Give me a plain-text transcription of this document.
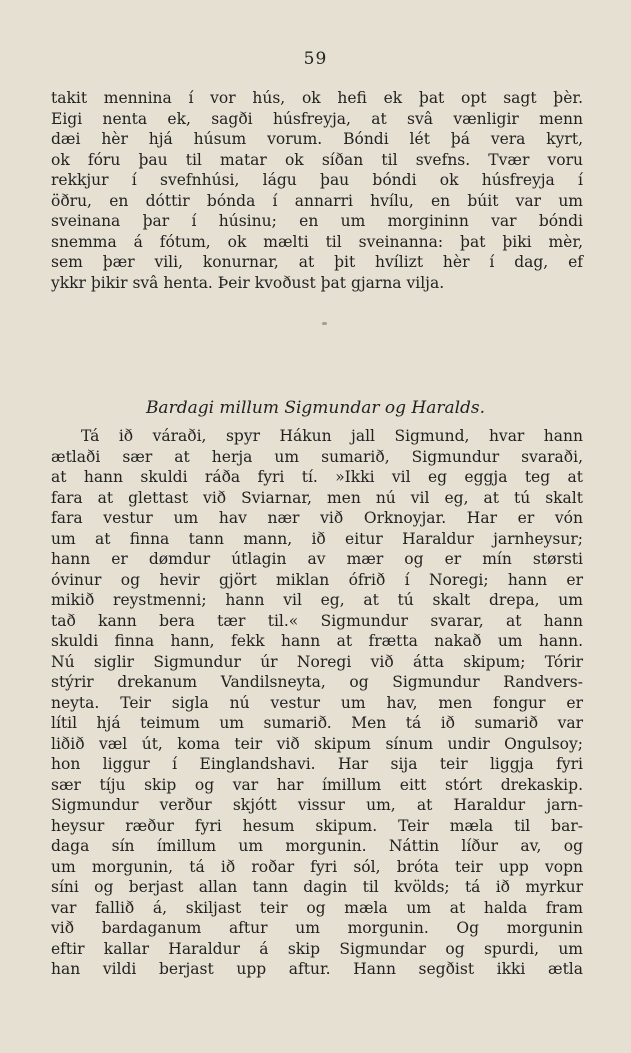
59
takit mennina í vor hús, ok hefi ek þat opt sagt þèr.
Eigi nenta ek, sagði húsfreyja, at svâ vænligir menn
dæi hèr hjá húsum vorum. Bóndi lét þá vera kyrt,
ok fóru þau til matar ok síðan til svefns. Tvær voru
rekkjur í svefnhúsi, lágu þau bóndi ok húsfreyja í
öðru, en dóttir bónda í annarri hvílu, en búit var um
sveinana þar í húsinu; en um morgininn var bóndi
snemma á fótum, ok mælti til sveinanna: þat þiki mèr,
sem þær vili, konurnar, at þit hvílizt hèr í dag, ef
ykkr þikir svâ henta. Þeir kvoðust þat gjarna vilja.
Bardagi millum Sigmundar og Haralds.
Tá ið váraði, spyr Hákun jall Sigmund, hvar hann
ætlaði sær at herja um sumarið, Sigmundur svaraði,
at hann skuldi ráða fyri tí. »Ikki vil eg eggja teg at
fara at glettast við Sviarnar, men nú vil eg, at tú skalt
fara vestur um hav nær við Orknoyjar. Har er vón
um at finna tann mann, ið eitur Haraldur jarnheysur;
hann er dømdur útlagin av mær og er mín størsti
óvinur og hevir gjört miklan ófrið í Noregi; hann er
mikið reystmenni; hann vil eg, at tú skalt drepa, um
tað kann bera tær til.« Sigmundur svarar, at hann
skuldi finna hann, fekk hann at frætta nakað um hann.
Nú siglir Sigmundur úr Noregi við átta skipum; Tórir
stýrir drekanum Vandilsneyta, og Sigmundur Randvers-
neyta. Teir sigla nú vestur um hav, men fongur er
lítil hjá teimum um sumarið. Men tá ið sumarið var
liðið væl út, koma teir við skipum sínum undir Ongulsoy;
hon liggur í Einglandshavi. Har sija teir liggja fyri
sær tíju skip og var har ímillum eitt stórt drekaskip.
Sigmundur verður skjótt vissur um, at Haraldur jarn-
heysur ræður fyri hesum skipum. Teir mæla til bar-
daga sín ímillum um morgunin. Náttin líður av, og
um morgunin, tá ið roðar fyri sól, bróta teir upp vopn
síni og berjast allan tann dagin til kvölds; tá ið myrkur
var fallið á, skiljast teir og mæla um at halda fram
við bardaganum aftur um morgunin. Og morgunin
eftir kallar Haraldur á skip Sigmundar og spurdi, um
han vildi berjast upp aftur. Hann segðist ikki ætla
